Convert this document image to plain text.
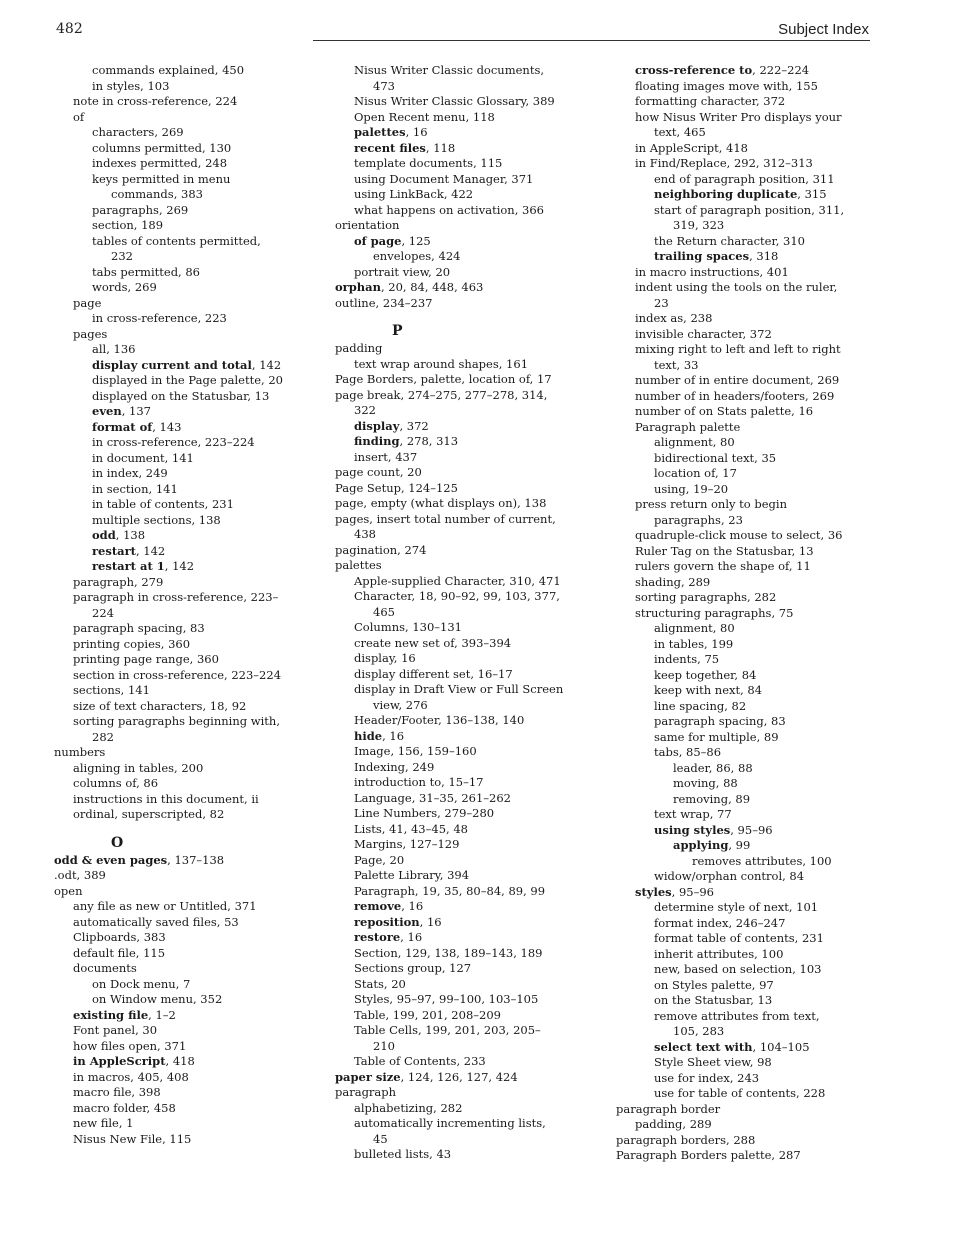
482	Subject Index
commands explained, 450
in styles, 103
note in cross-reference, 224
of
characters, 269
columns permitted, 130
indexes permitted, 248
keys permitted in menu
commands, 383
paragraphs, 269
section, 189
tables of contents permitted,
232
tabs permitted, 86
words, 269
page
in cross-reference, 223
pages
all, 136
display current and total, 142
displayed in the Page palette, 20
displayed on the Statusbar, 13
even, 137
format of, 143
in cross-reference, 223–224
in document, 141
in index, 249
in section, 141
in table of contents, 231
multiple sections, 138
odd, 138
restart, 142
restart at 1, 142
paragraph, 279
paragraph in cross-reference, 223–
224
paragraph spacing, 83
printing copies, 360
printing page range, 360
section in cross-reference, 223–224
sections, 141
size of text characters, 18, 92
sorting paragraphs beginning with,
282
numbers
aligning in tables, 200
columns of, 86
instructions in this document, ii
ordinal, superscripted, 82
O
odd & even pages, 137–138
.odt, 389
open
any file as new or Untitled, 371
automatically saved files, 53
Clipboards, 383
default file, 115
documents
on Dock menu, 7
on Window menu, 352
existing file, 1–2
Font panel, 30
how files open, 371
in AppleScript, 418
in macros, 405, 408
macro file, 398
macro folder, 458
new file, 1
Nisus New File, 115
Nisus Writer Classic documents,
473
Nisus Writer Classic Glossary, 389
Open Recent menu, 118
palettes, 16
recent files, 118
template documents, 115
using Document Manager, 371
using LinkBack, 422
what happens on activation, 366
orientation
of page, 125
envelopes, 424
portrait view, 20
orphan, 20, 84, 448, 463
outline, 234–237
P
padding
text wrap around shapes, 161
Page Borders, palette, location of, 17
page break, 274–275, 277–278, 314,
322
display, 372
finding, 278, 313
insert, 437
page count, 20
Page Setup, 124–125
page, empty (what displays on), 138
pages, insert total number of current,
438
pagination, 274
palettes
Apple-supplied Character, 310, 471
Character, 18, 90–92, 99, 103, 377,
465
Columns, 130–131
create new set of, 393–394
display, 16
display different set, 16–17
display in Draft View or Full Screen
view, 276
Header/Footer, 136–138, 140
hide, 16
Image, 156, 159–160
Indexing, 249
introduction to, 15–17
Language, 31–35, 261–262
Line Numbers, 279–280
Lists, 41, 43–45, 48
Margins, 127–129
Page, 20
Palette Library, 394
Paragraph, 19, 35, 80–84, 89, 99
remove, 16
reposition, 16
restore, 16
Section, 129, 138, 189–143, 189
Sections group, 127
Stats, 20
Styles, 95–97, 99–100, 103–105
Table, 199, 201, 208–209
Table Cells, 199, 201, 203, 205–
210
Table of Contents, 233
paper size, 124, 126, 127, 424
paragraph
alphabetizing, 282
automatically incrementing lists,
45
bulleted lists, 43
cross-reference to, 222–224
floating images move with, 155
formatting character, 372
how Nisus Writer Pro displays your
text, 465
in AppleScript, 418
in Find/Replace, 292, 312–313
end of paragraph position, 311
neighboring duplicate, 315
start of paragraph position, 311,
319, 323
the Return character, 310
trailing spaces, 318
in macro instructions, 401
indent using the tools on the ruler,
23
index as, 238
invisible character, 372
mixing right to left and left to right
text, 33
number of in entire document, 269
number of in headers/footers, 269
number of on Stats palette, 16
Paragraph palette
alignment, 80
bidirectional text, 35
location of, 17
using, 19–20
press return only to begin
paragraphs, 23
quadruple-click mouse to select, 36
Ruler Tag on the Statusbar, 13
rulers govern the shape of, 11
shading, 289
sorting paragraphs, 282
structuring paragraphs, 75
alignment, 80
in tables, 199
indents, 75
keep together, 84
keep with next, 84
line spacing, 82
paragraph spacing, 83
same for multiple, 89
tabs, 85–86
leader, 86, 88
moving, 88
removing, 89
text wrap, 77
using styles, 95–96
applying, 99
removes attributes, 100
widow/orphan control, 84
styles, 95–96
determine style of next, 101
format index, 246–247
format table of contents, 231
inherit attributes, 100
new, based on selection, 103
on Styles palette, 97
on the Statusbar, 13
remove attributes from text,
105, 283
select text with, 104–105
Style Sheet view, 98
use for index, 243
use for table of contents, 228
paragraph border
padding, 289
paragraph borders, 288
Paragraph Borders palette, 287
